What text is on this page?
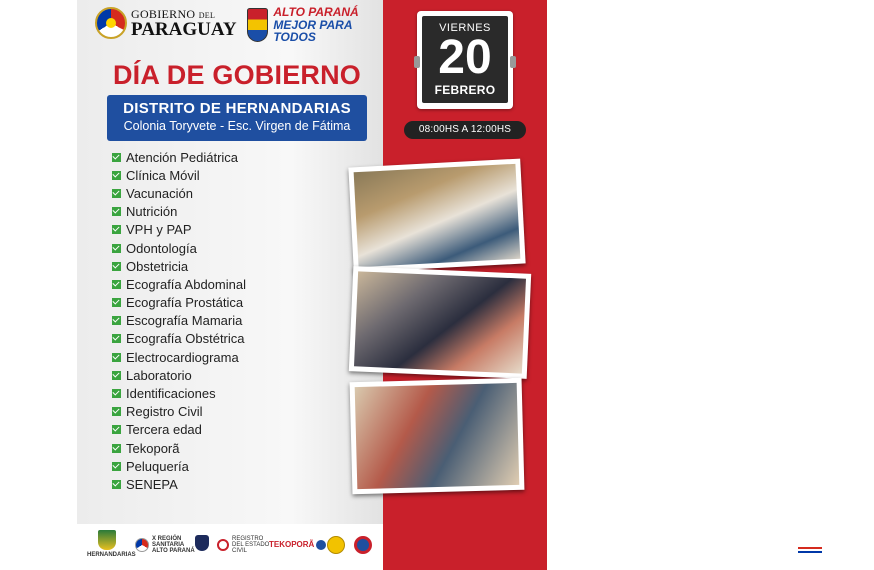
GOBIERNO DEL
PARAGUAY
ALTO PARANÁ
MEJOR PARA TODOS
DÍA DE GOBIERNO
DISTRITO DE HERNANDARIAS
Colonia Toryvete - Esc. Virgen de Fátima
Atención Pediátrica
Clínica Móvil
Vacunación
Nutrición
VPH y PAP
Odontología
Obstetricia
Ecografía Abdominal
Ecografía Prostática
Escografía Mamaria
Ecografía Obstétrica
Electrocardiograma
Laboratorio
Identificaciones
Registro Civil
Tercera edad
Tekoporã
Peluquería
SENEPA
HERNANDARIAS
X REGIÓN SANITARIA ALTO PARANÁ
REGISTRO DEL ESTADO CIVIL
TEKOPORÃ
VIERNES
20
FEBRERO
08:00HS A 12:00HS
LANDYTORRES
GOBERNADOR
